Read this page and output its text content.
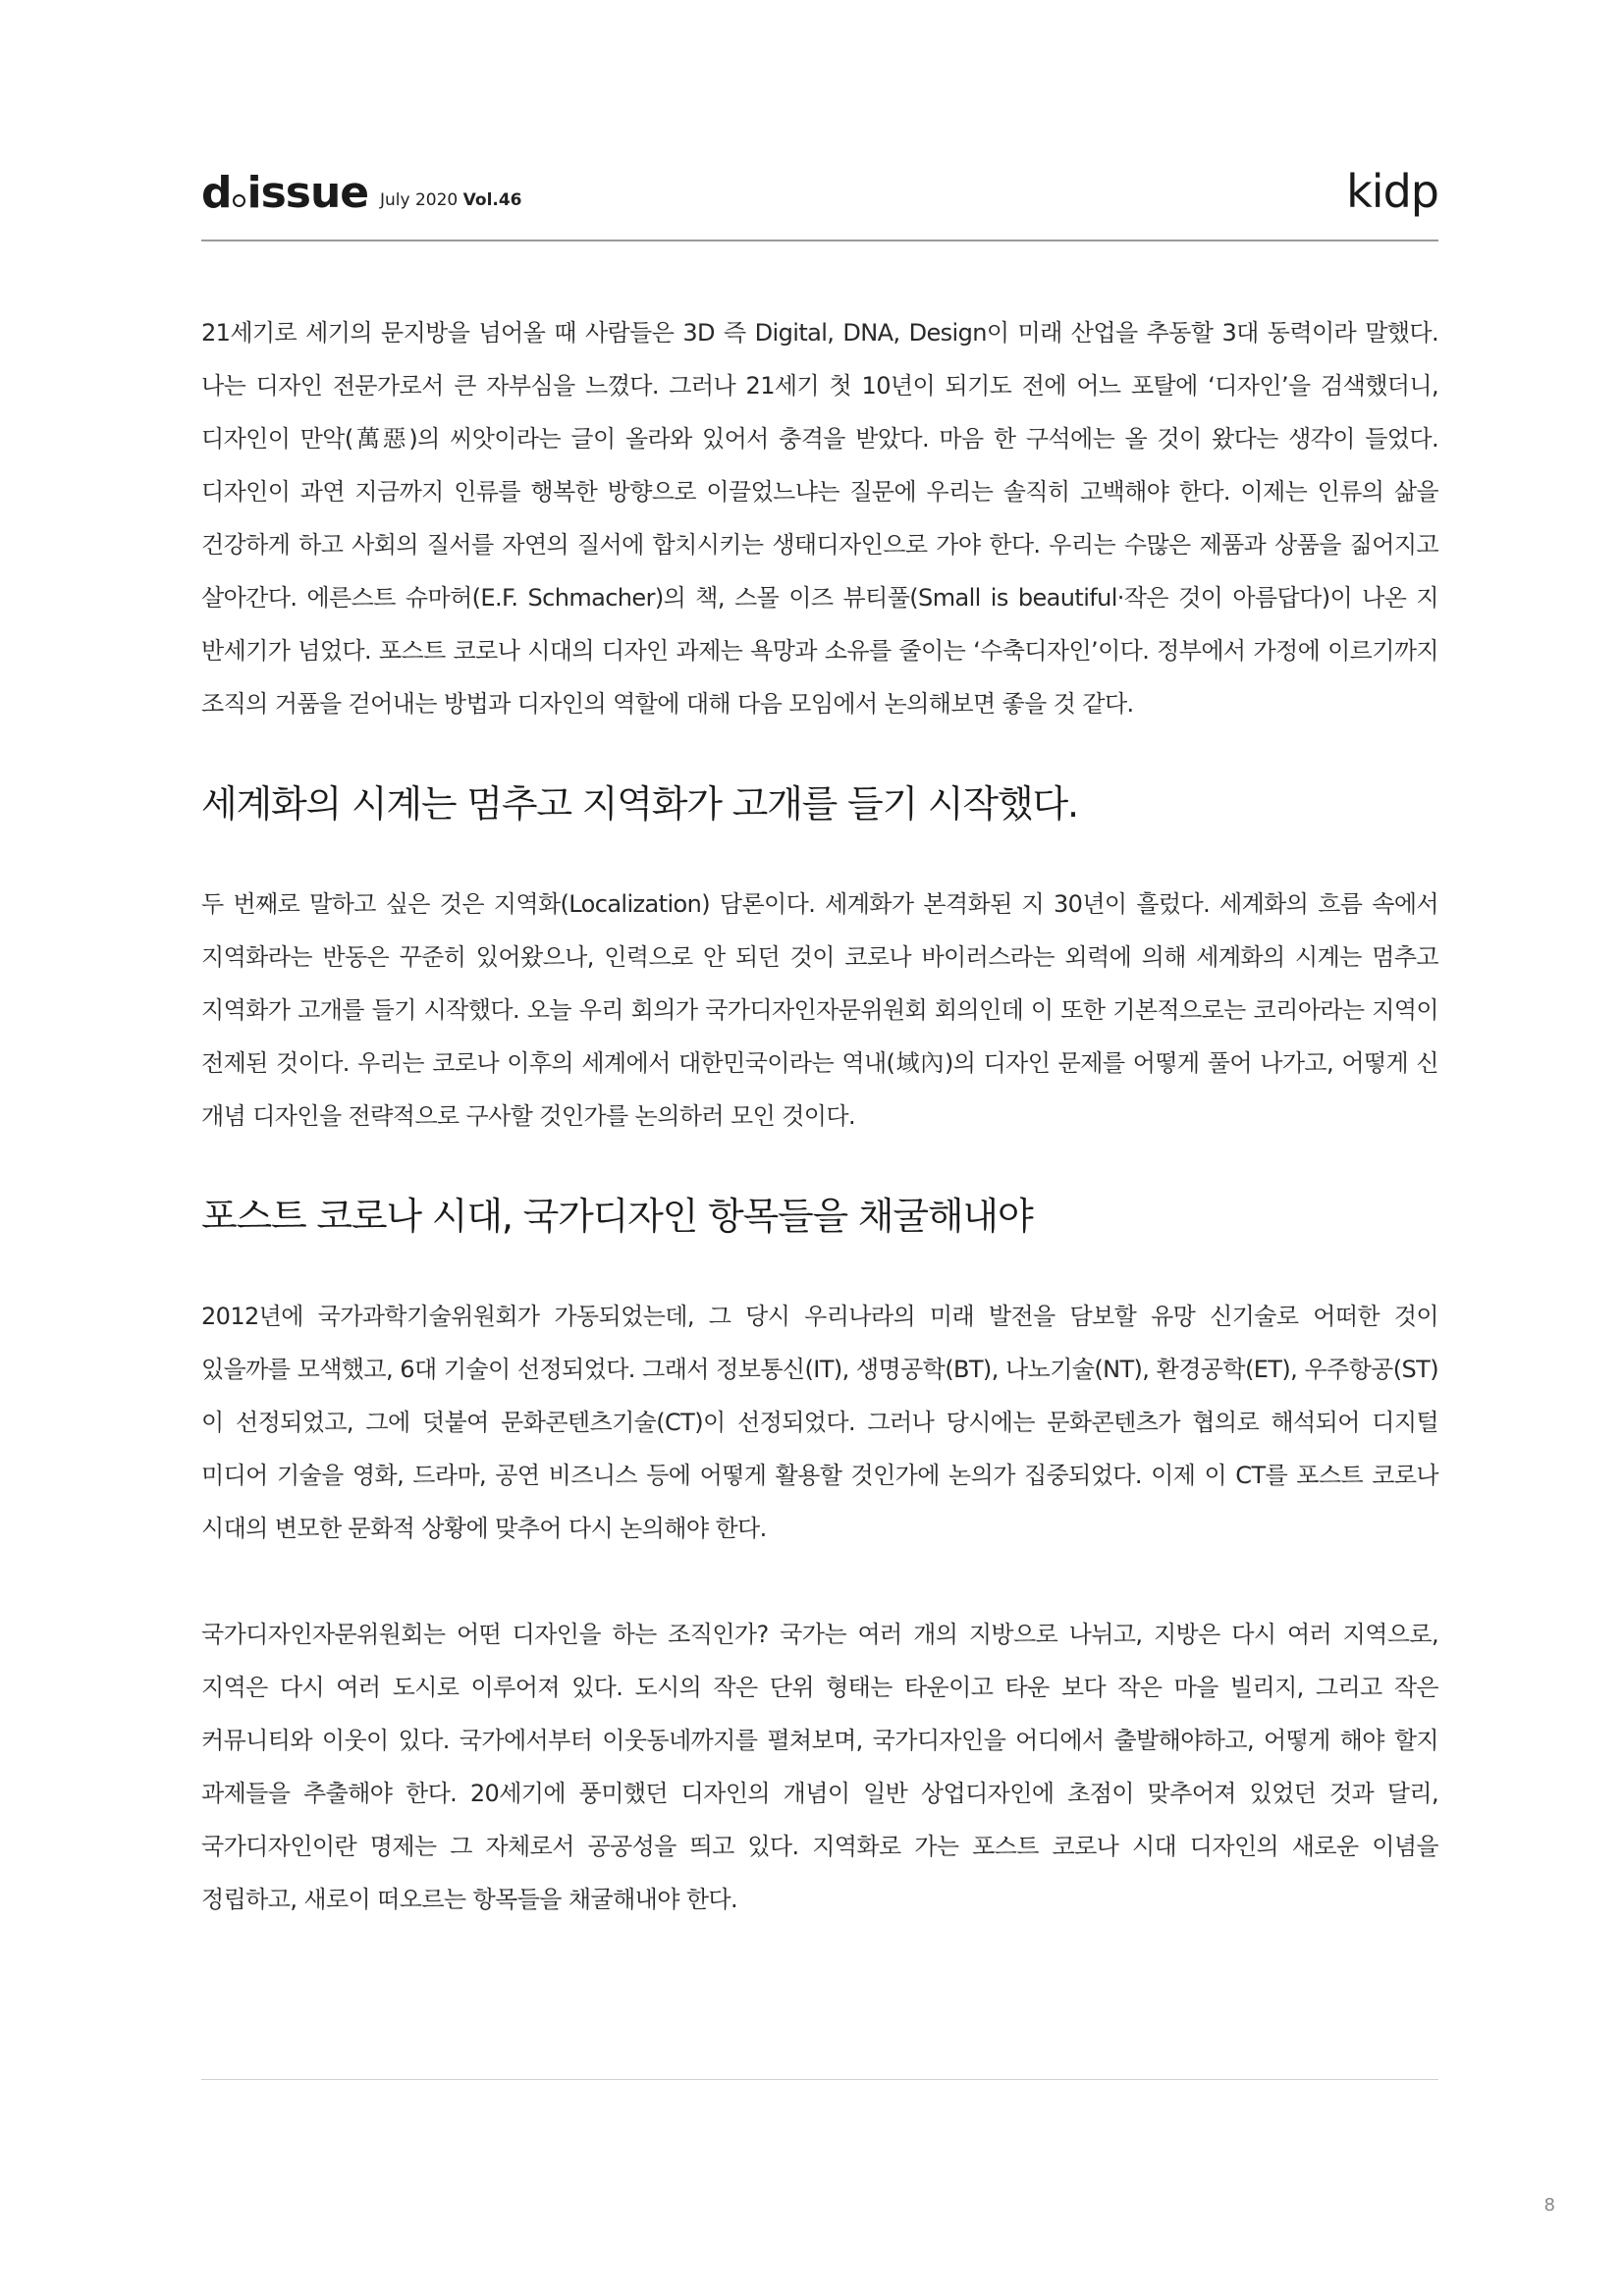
d issue July 2020 Vol.46	kidp

21세기로 세기의 문지방을 넘어올 때 사람들은 3D 즉 Digital, DNA, Design이 미래 산업을 추동할 3대 동력이라 말했다. 나는 디자인 전문가로서 큰 자부심을 느꼈다. 그러나 21세기 첫 10년이 되기도 전에 어느 포탈에 ‘디자인’을 검색했더니, 디자인이 만악(萬惡)의 씨앗이라는 글이 올라와 있어서 충격을 받았다. 마음 한 구석에는 올 것이 왔다는 생각이 들었다. 디자인이 과연 지금까지 인류를 행복한 방향으로 이끌었느냐는 질문에 우리는 솔직히 고백해야 한다. 이제는 인류의 삶을 건강하게 하고 사회의 질서를 자연의 질서에 합치시키는 생태디자인으로 가야 한다. 우리는 수많은 제품과 상품을 짊어지고 살아간다. 에른스트 슈마허(E.F. Schmacher)의 책, 스몰 이즈 뷰티풀(Small is beautiful·작은 것이 아름답다)이 나온 지 반세기가 넘었다. 포스트 코로나 시대의 디자인 과제는 욕망과 소유를 줄이는 ‘수축디자인’이다. 정부에서 가정에 이르기까지 조직의 거품을 걷어내는 방법과 디자인의 역할에 대해 다음 모임에서 논의해보면 좋을 것 같다.

세계화의 시계는 멈추고 지역화가 고개를 들기 시작했다.

두 번째로 말하고 싶은 것은 지역화(Localization) 담론이다. 세계화가 본격화된 지 30년이 흘렀다. 세계화의 흐름 속에서 지역화라는 반동은 꾸준히 있어왔으나, 인력으로 안 되던 것이 코로나 바이러스라는 외력에 의해 세계화의 시계는 멈추고 지역화가 고개를 들기 시작했다. 오늘 우리 회의가 국가디자인자문위원회 회의인데 이 또한 기본적으로는 코리아라는 지역이 전제된 것이다. 우리는 코로나 이후의 세계에서 대한민국이라는 역내(域內)의 디자인 문제를 어떻게 풀어 나가고, 어떻게 신 개념 디자인을 전략적으로 구사할 것인가를 논의하러 모인 것이다.

포스트 코로나 시대, 국가디자인 항목들을 채굴해내야

2012년에 국가과학기술위원회가 가동되었는데, 그 당시 우리나라의 미래 발전을 담보할 유망 신기술로 어떠한 것이 있을까를 모색했고, 6대 기술이 선정되었다. 그래서 정보통신(IT), 생명공학(BT), 나노기술(NT), 환경공학(ET), 우주항공(ST)이 선정되었고, 그에 덧붙여 문화콘텐츠기술(CT)이 선정되었다. 그러나 당시에는 문화콘텐츠가 협의로 해석되어 디지털 미디어 기술을 영화, 드라마, 공연 비즈니스 등에 어떻게 활용할 것인가에 논의가 집중되었다. 이제 이 CT를 포스트 코로나 시대의 변모한 문화적 상황에 맞추어 다시 논의해야 한다.

국가디자인자문위원회는 어떤 디자인을 하는 조직인가? 국가는 여러 개의 지방으로 나뉘고, 지방은 다시 여러 지역으로, 지역은 다시 여러 도시로 이루어져 있다. 도시의 작은 단위 형태는 타운이고 타운 보다 작은 마을 빌리지, 그리고 작은 커뮤니티와 이웃이 있다. 국가에서부터 이웃동네까지를 펼쳐보며, 국가디자인을 어디에서 출발해야하고, 어떻게 해야 할지 과제들을 추출해야 한다. 20세기에 풍미했던 디자인의 개념이 일반 상업디자인에 초점이 맞추어져 있었던 것과 달리, 국가디자인이란 명제는 그 자체로서 공공성을 띄고 있다. 지역화로 가는 포스트 코로나 시대 디자인의 새로운 이념을 정립하고, 새로이 떠오르는 항목들을 채굴해내야 한다.

8
